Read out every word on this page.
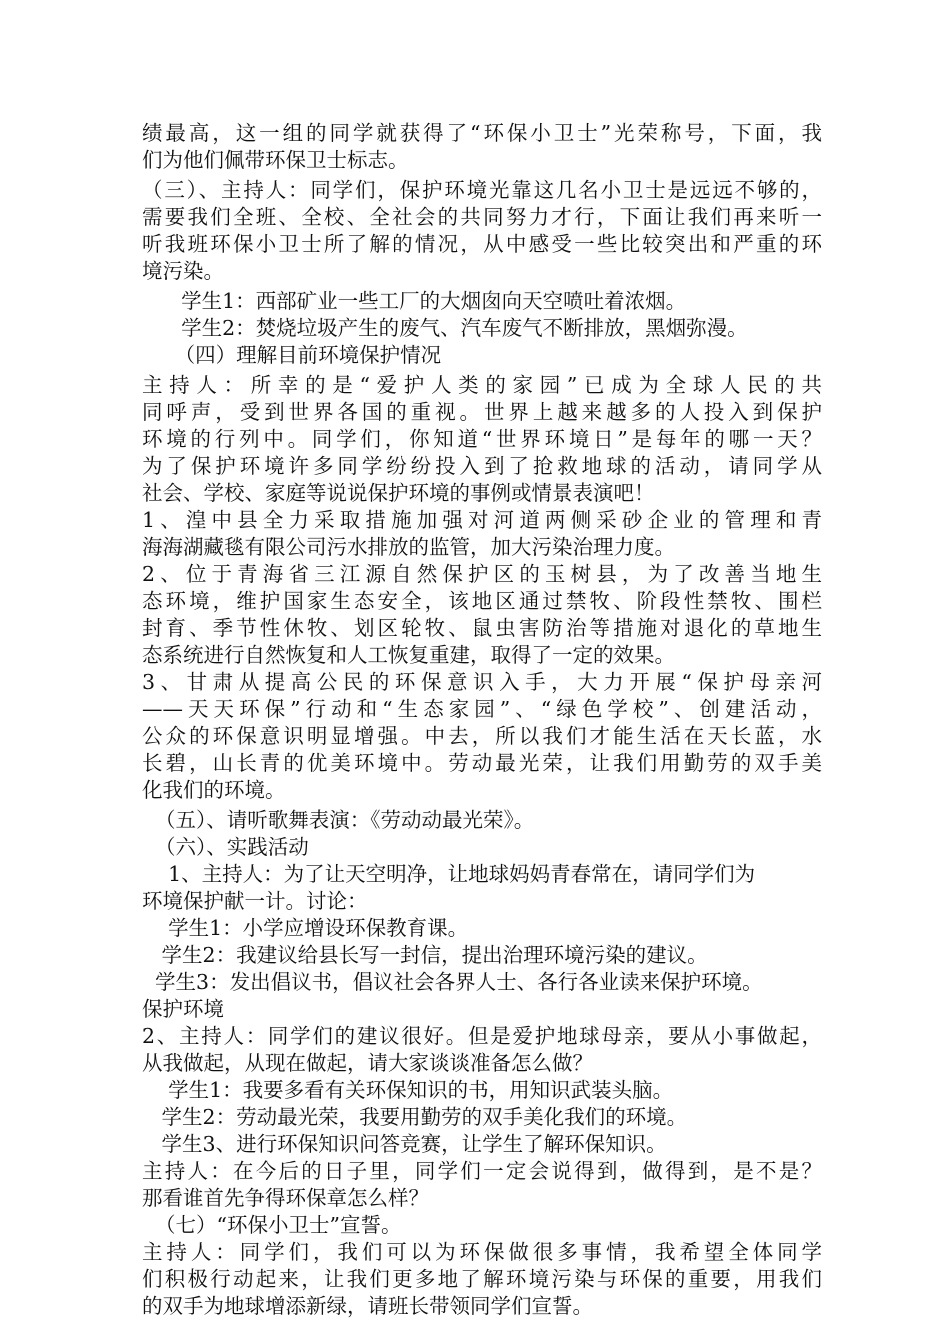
绩最高，这一组的同学就获得了“环保小卫士”光荣称号，下面，我

们为他们佩带环保卫士标志。

（三）、主持人：同学们，保护环境光靠这几名小卫士是远远不够的，

需要我们全班、全校、全社会的共同努力才行，下面让我们再来听一

听我班环保小卫士所了解的情况，从中感受一些比较突出和严重的环

境污染。

学生1：西部矿业一些工厂的大烟囱向天空喷吐着浓烟。

学生2：焚烧垃圾产生的废气、汽车废气不断排放，黑烟弥漫。

（四）理解目前环境保护情况

主持人：所幸的是“爱护人类的家园”已成为全球人民的共

同呼声，受到世界各国的重视。世界上越来越多的人投入到保护

环境的行列中。同学们，你知道“世界环境日”是每年的哪一天？

为了保护环境许多同学纷纷投入到了抢救地球的活动，请同学从

社会、学校、家庭等说说保护环境的事例或情景表演吧！

1、湟中县全力采取措施加强对河道两侧采砂企业的管理和青

海海湖藏毯有限公司污水排放的监管，加大污染治理力度。

2、位于青海省三江源自然保护区的玉树县，为了改善当地生

态环境，维护国家生态安全，该地区通过禁牧、阶段性禁牧、围栏

封育、季节性休牧、划区轮牧、鼠虫害防治等措施对退化的草地生

态系统进行自然恢复和人工恢复重建，取得了一定的效果。

3、甘肃从提高公民的环保意识入手，大力开展“保护母亲河

——天天环保”行动和“生态家园”、“绿色学校”、创建活动，

公众的环保意识明显增强。中去，所以我们才能生活在天长蓝，水

长碧，山长青的优美环境中。劳动最光荣，让我们用勤劳的双手美

化我们的环境。

（五）、请听歌舞表演：《劳动动最光荣》。

（六）、实践活动

1、主持人：为了让天空明净，让地球妈妈青春常在，请同学们为

环境保护献一计。讨论：

学生1：小学应增设环保教育课。

学生2：我建议给县长写一封信，提出治理环境污染的建议。

学生3：发出倡议书，倡议社会各界人士、各行各业读来保护环境。

保护环境

2、主持人：同学们的建议很好。但是爱护地球母亲，要从小事做起，

从我做起，从现在做起，请大家谈谈准备怎么做？

学生1：我要多看有关环保知识的书，用知识武装头脑。

学生2：劳动最光荣，我要用勤劳的双手美化我们的环境。

学生3、进行环保知识问答竞赛，让学生了解环保知识。

主持人：在今后的日子里，同学们一定会说得到，做得到，是不是？

那看谁首先争得环保章怎么样？

（七）“环保小卫士”宣誓。

主持人：同学们，我们可以为环保做很多事情，我希望全体同学

们积极行动起来，让我们更多地了解环境污染与环保的重要，用我们

的双手为地球增添新绿，请班长带领同学们宣誓。
